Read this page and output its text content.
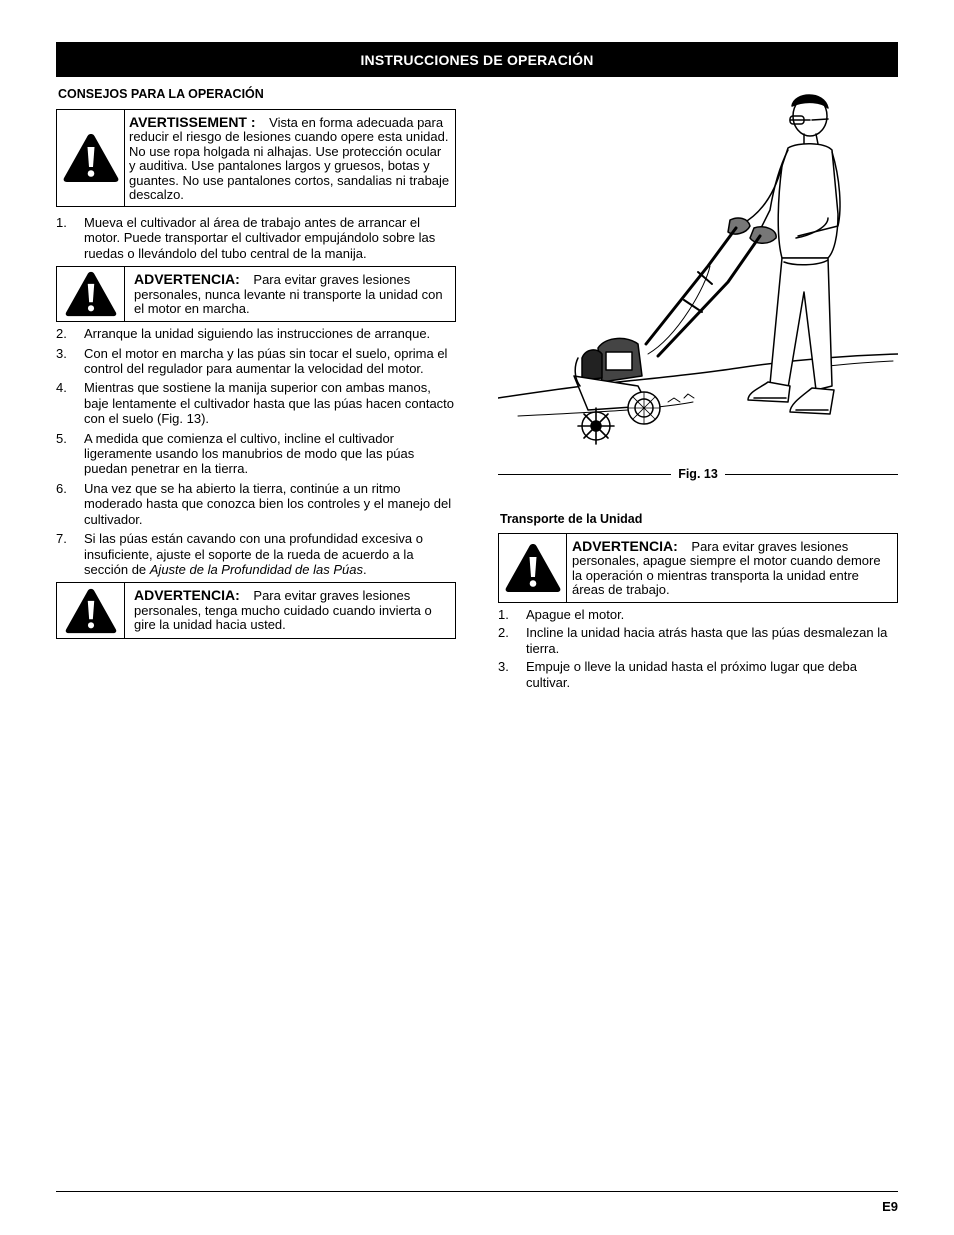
INSTRUCCIONES DE OPERACIÓN
CONSEJOS PARA LA OPERACIÓN
AVERTISSEMENT : Vista en forma adecuada para reducir el riesgo de lesiones cuando opere esta unidad. No use ropa holgada ni alhajas. Use protección ocular y auditiva. Use pantalones largos y gruesos, botas y guantes. No use pantalones cortos, sandalias ni trabaje descalzo.
1.	Mueva el cultivador al área de trabajo antes de arrancar el motor. Puede transportar el cultivador empujándolo sobre las ruedas o llevándolo del tubo central de la manija.
ADVERTENCIA: Para evitar graves lesiones personales, nunca levante ni transporte la unidad con el motor en marcha.
2.	Arranque la unidad siguiendo las instrucciones de arranque.
3.	Con el motor en marcha y las púas sin tocar el suelo, oprima el control del regulador para aumentar la velocidad del motor.
4.	Mientras que sostiene la manija superior con ambas manos, baje lentamente el cultivador hasta que las púas hacen contacto con el suelo (Fig. 13).
5.	A medida que comienza el cultivo, incline el cultivador ligeramente usando los manubrios de modo que las púas puedan penetrar en la tierra.
6.	Una vez que se ha abierto la tierra, continúe a un ritmo moderado hasta que conozca bien los controles y el manejo del cultivador.
7.	Si las púas están cavando con una profundidad excesiva o insuficiente, ajuste el soporte de la rueda de acuerdo a la sección de Ajuste de la Profundidad de las Púas.
ADVERTENCIA: Para evitar graves lesiones personales, tenga mucho cuidado cuando invierta o gire la unidad hacia usted.
Fig. 13
Transporte de la Unidad
ADVERTENCIA: Para evitar graves lesiones personales, apague siempre el motor cuando demore la operación o mientras transporta la unidad entre áreas de trabajo.
1.	Apague el motor.
2.	Incline la unidad hacia atrás hasta que las púas desmalezan la tierra.
3.	Empuje o lleve la unidad hasta el próximo lugar que deba cultivar.
E9
